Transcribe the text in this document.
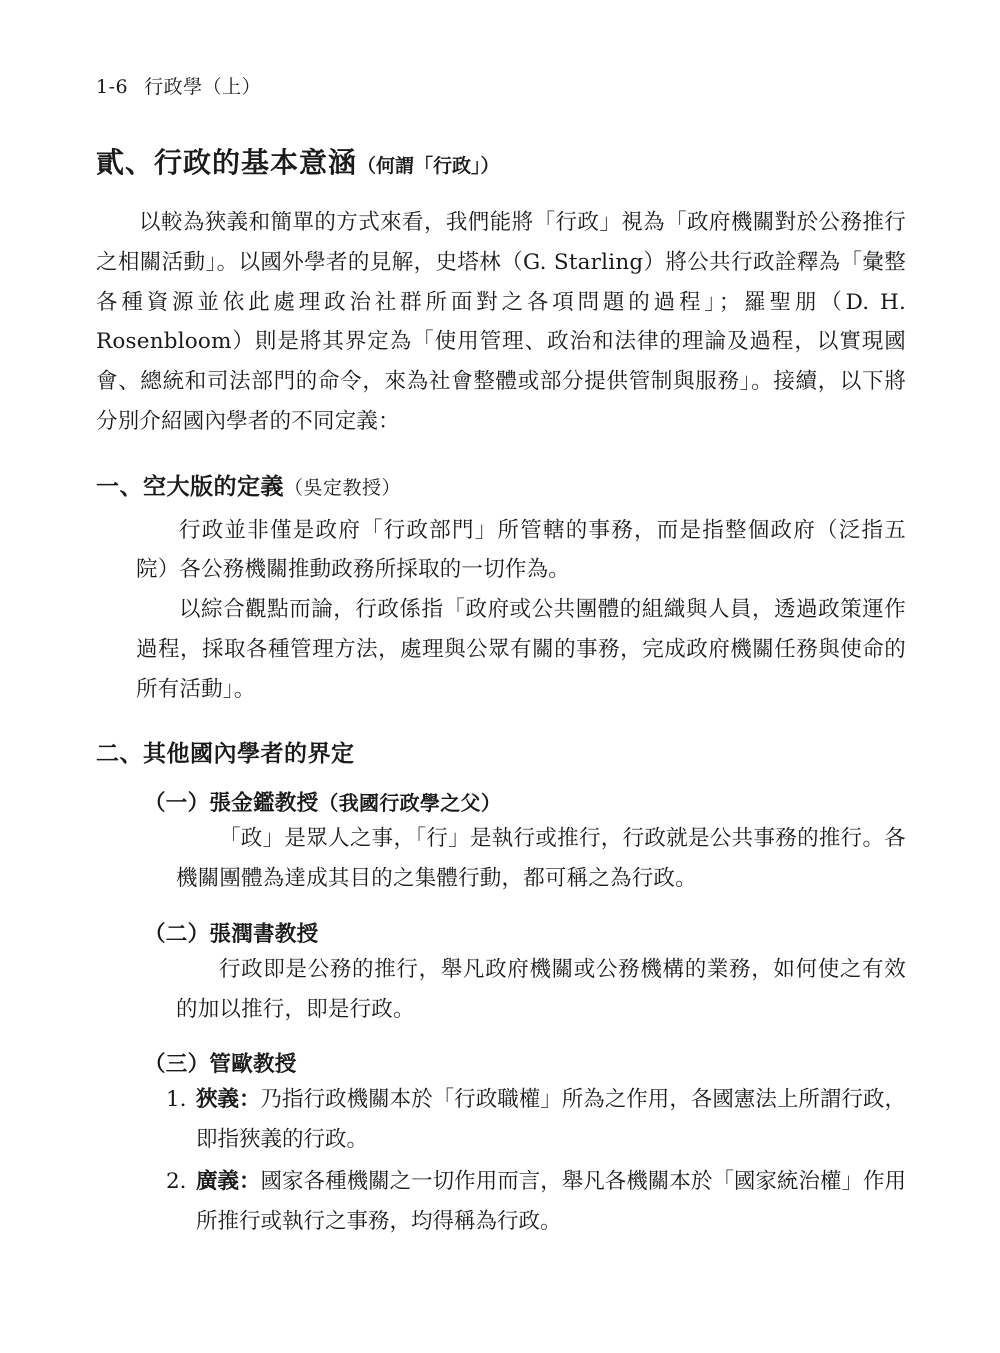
1-6 行政學（上）
貳、行政的基本意涵（何謂「行政」）

以較為狹義和簡單的方式來看，我們能將「行政」視為「政府機關對於公務推行之相關活動」。以國外學者的見解，史塔林（G. Starling）將公共行政詮釋為「彙整各種資源並依此處理政治社群所面對之各項問題的過程」；羅聖朋（D. H. Rosenbloom）則是將其界定為「使用管理、政治和法律的理論及過程，以實現國會、總統和司法部門的命令，來為社會整體或部分提供管制與服務」。接續，以下將分別介紹國內學者的不同定義：

一、空大版的定義（吳定教授）

行政並非僅是政府「行政部門」所管轄的事務，而是指整個政府（泛指五院）各公務機關推動政務所採取的一切作為。

以綜合觀點而論，行政係指「政府或公共團體的組織與人員，透過政策運作過程，採取各種管理方法，處理與公眾有關的事務，完成政府機關任務與使命的所有活動」。

二、其他國內學者的界定
（一）張金鑑教授（我國行政學之父）

「政」是眾人之事，「行」是執行或推行，行政就是公共事務的推行。各機關團體為達成其目的之集體行動，都可稱之為行政。

（二）張潤書教授

行政即是公務的推行，舉凡政府機關或公務機構的業務，如何使之有效的加以推行，即是行政。

（三）管歐教授
1. 狹義：乃指行政機關本於「行政職權」所為之作用，各國憲法上所謂行政，即指狹義的行政。
2. 廣義：國家各種機關之一切作用而言，舉凡各機關本於「國家統治權」作用所推行或執行之事務，均得稱為行政。
